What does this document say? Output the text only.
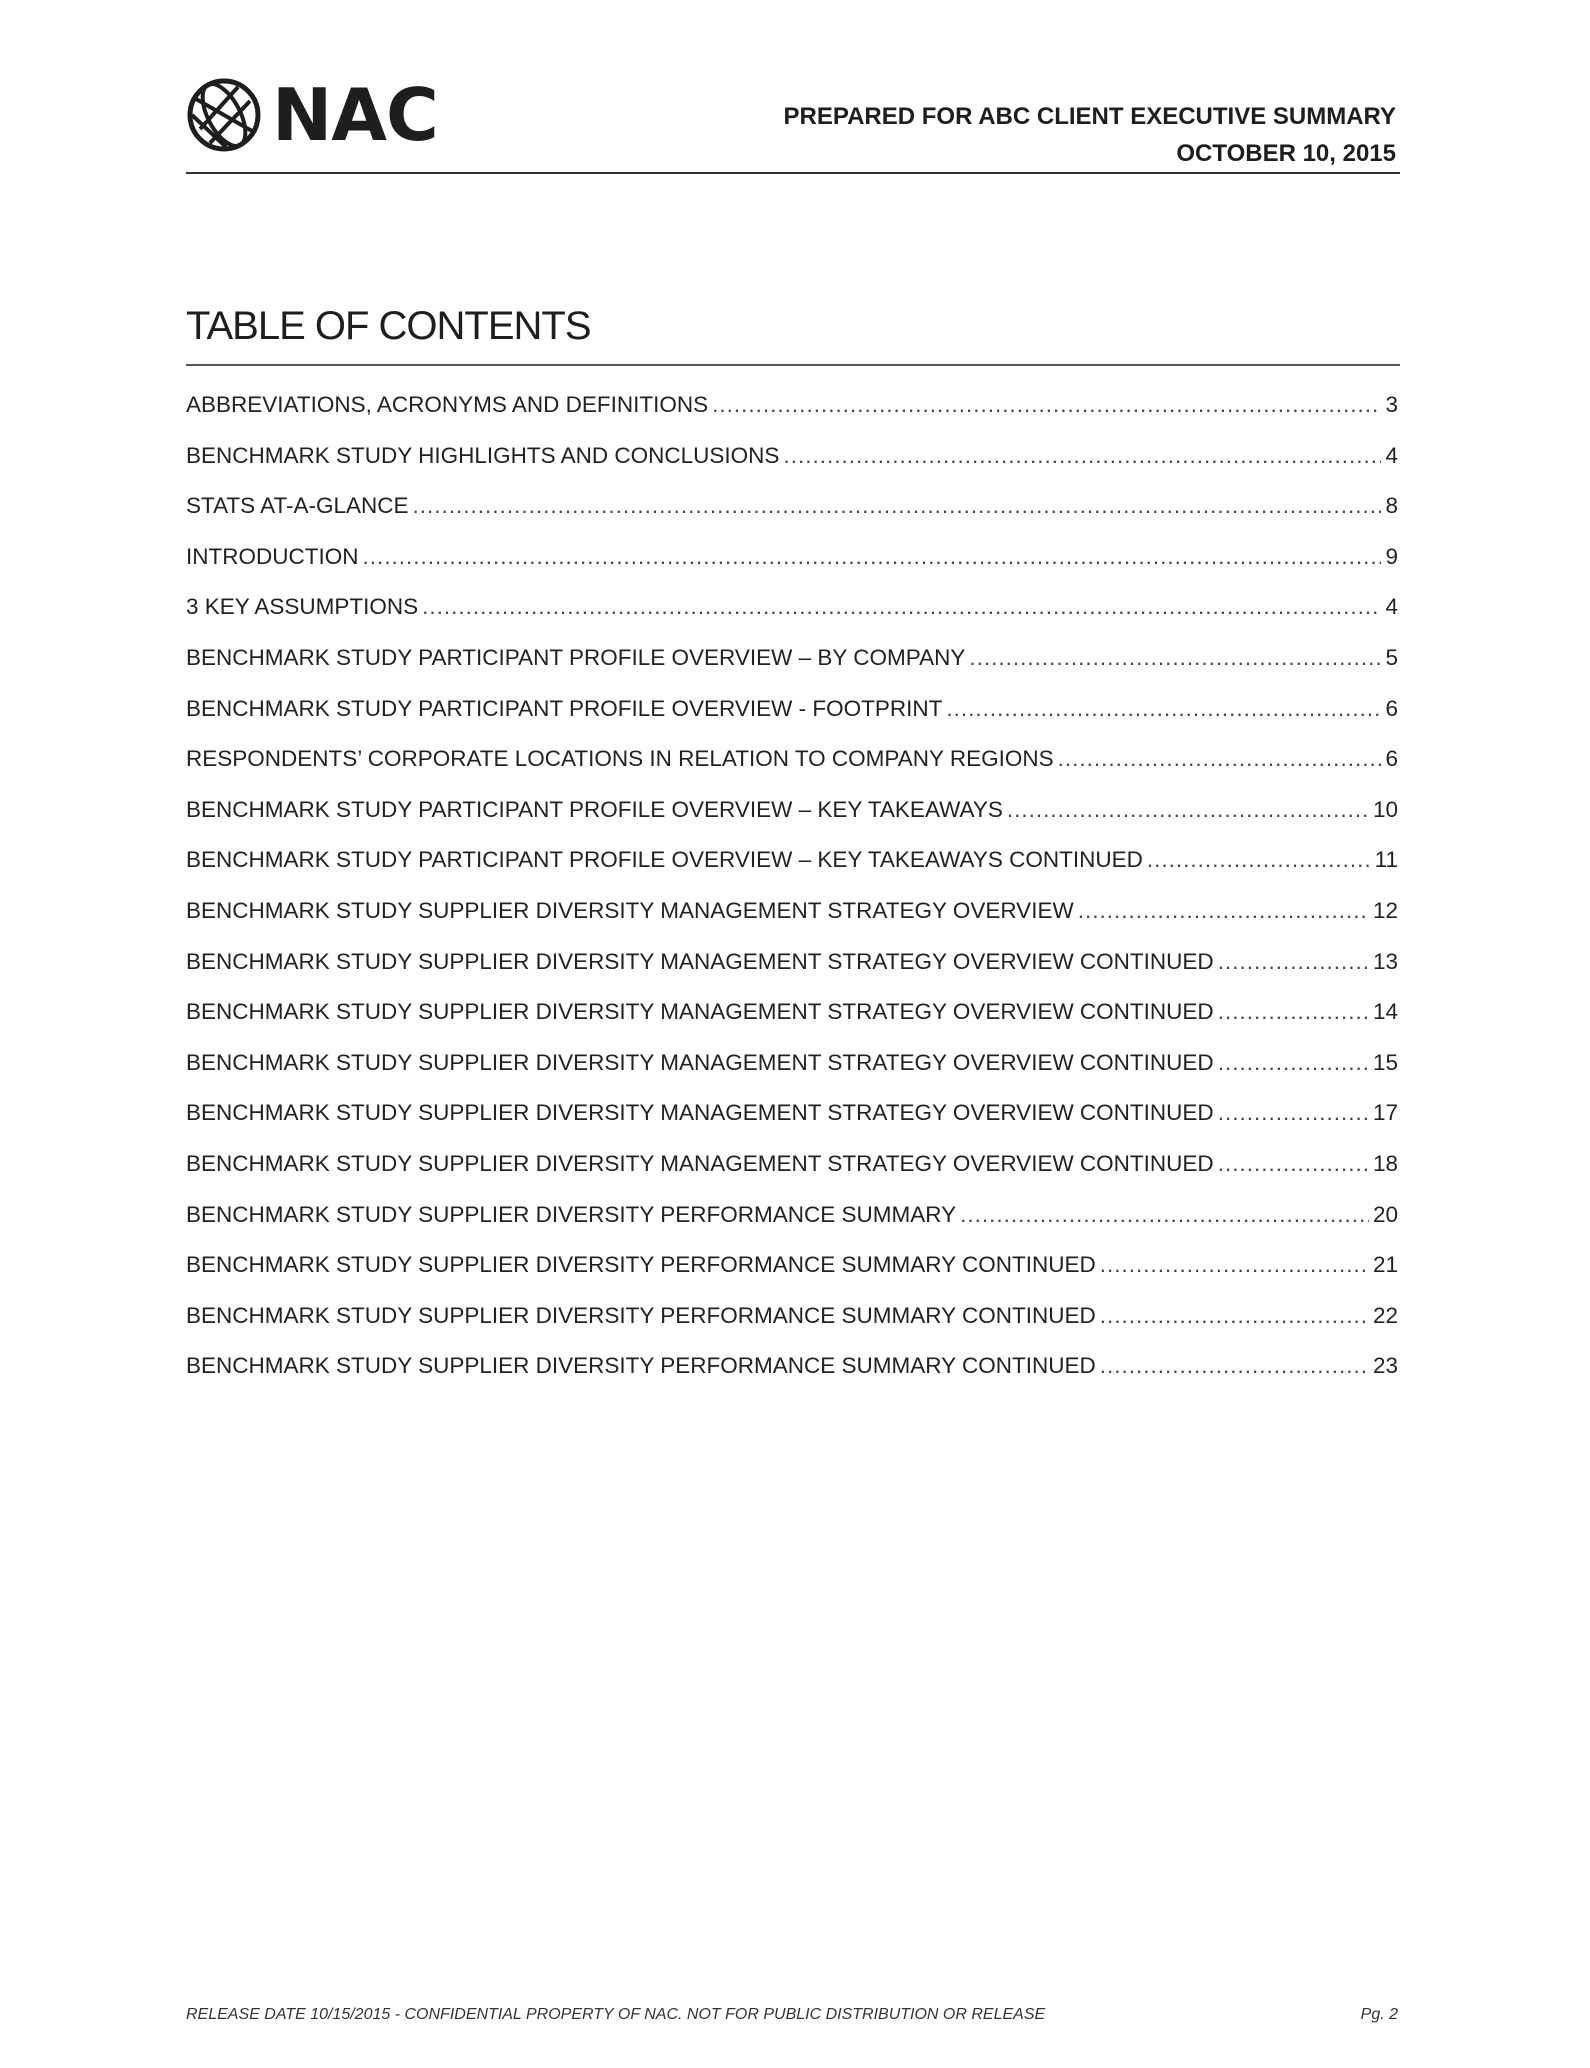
NAC	PREPARED FOR ABC CLIENT EXECUTIVE SUMMARY
OCTOBER 10, 2015
TABLE OF CONTENTS
ABBREVIATIONS, ACRONYMS AND DEFINITIONS .....	3
BENCHMARK STUDY HIGHLIGHTS AND CONCLUSIONS .....	4
STATS AT-A-GLANCE .....	8
INTRODUCTION .....	9
3 KEY ASSUMPTIONS .....	4
BENCHMARK STUDY PARTICIPANT PROFILE OVERVIEW – BY COMPANY .....	5
BENCHMARK STUDY PARTICIPANT PROFILE OVERVIEW - FOOTPRINT .....	6
RESPONDENTS’ CORPORATE LOCATIONS IN RELATION TO COMPANY REGIONS .....	6
BENCHMARK STUDY PARTICIPANT PROFILE OVERVIEW – KEY TAKEAWAYS .....	10
BENCHMARK STUDY PARTICIPANT PROFILE OVERVIEW – KEY TAKEAWAYS CONTINUED .....	11
BENCHMARK STUDY SUPPLIER DIVERSITY MANAGEMENT STRATEGY OVERVIEW .....	12
BENCHMARK STUDY SUPPLIER DIVERSITY MANAGEMENT STRATEGY OVERVIEW CONTINUED .....	13
BENCHMARK STUDY SUPPLIER DIVERSITY MANAGEMENT STRATEGY OVERVIEW CONTINUED .....	14
BENCHMARK STUDY SUPPLIER DIVERSITY MANAGEMENT STRATEGY OVERVIEW CONTINUED .....	15
BENCHMARK STUDY SUPPLIER DIVERSITY MANAGEMENT STRATEGY OVERVIEW CONTINUED .....	17
BENCHMARK STUDY SUPPLIER DIVERSITY MANAGEMENT STRATEGY OVERVIEW CONTINUED .....	18
BENCHMARK STUDY SUPPLIER DIVERSITY PERFORMANCE SUMMARY .....	20
BENCHMARK STUDY SUPPLIER DIVERSITY PERFORMANCE SUMMARY CONTINUED .....	21
BENCHMARK STUDY SUPPLIER DIVERSITY PERFORMANCE SUMMARY CONTINUED .....	22
BENCHMARK STUDY SUPPLIER DIVERSITY PERFORMANCE SUMMARY CONTINUED .....	23
RELEASE DATE 10/15/2015 - CONFIDENTIAL PROPERTY OF NAC. NOT FOR PUBLIC DISTRIBUTION OR RELEASE	Pg. 2
